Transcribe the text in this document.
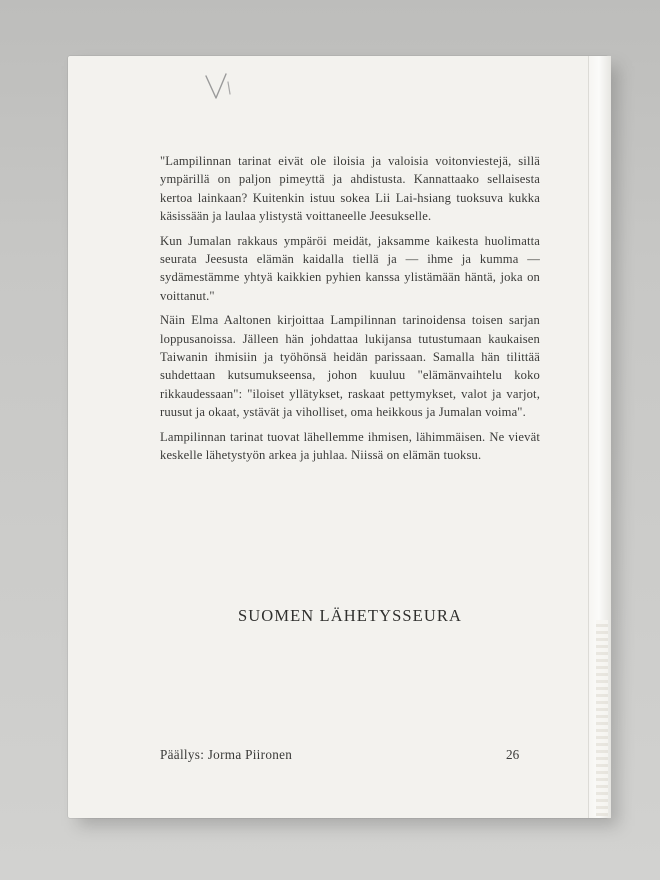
"Lampilinnan tarinat eivät ole iloisia ja valoisia voitonviestejä, sillä ympärillä on paljon pimeyttä ja ahdistusta. Kannattaako sellaisesta kertoa lainkaan? Kuitenkin istuu sokea Lii Lai-hsiang tuoksuva kukka käsissään ja laulaa ylistystä voittaneelle Jeesukselle.

Kun Jumalan rakkaus ympäröi meidät, jaksamme kaikesta huolimatta seurata Jeesusta elämän kaidalla tiellä ja — ihme ja kumma — sydämestämme yhtyä kaikkien pyhien kanssa ylistämään häntä, joka on voittanut."

Näin Elma Aaltonen kirjoittaa Lampilinnan tarinoidensa toisen sarjan loppusanoissa. Jälleen hän johdattaa lukijansa tutustumaan kaukaisen Taiwanin ihmisiin ja työhönsä heidän parissaan. Samalla hän tilittää suhdettaan kutsumukseensa, johon kuuluu "elämänvaihtelu koko rikkaudessaan": "iloiset yllätykset, raskaat pettymykset, valot ja varjot, ruusut ja okaat, ystävät ja viholliset, oma heikkous ja Jumalan voima".

Lampilinnan tarinat tuovat lähellemme ihmisen, lähimmäisen. Ne vievät keskelle lähetystyön arkea ja juhlaa. Niissä on elämän tuoksu.

SUOMEN LÄHETYSSEURA
Päällys: Jorma Piironen	26
